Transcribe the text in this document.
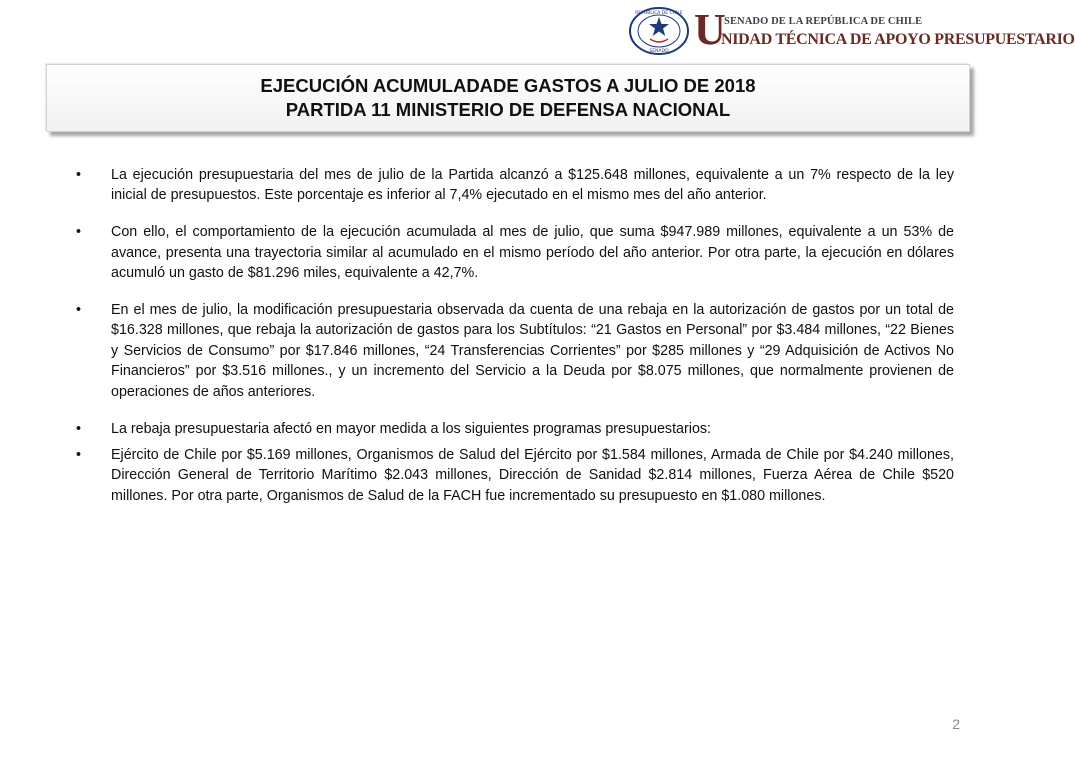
REPÚBLICA DE CHILE
SENADO U
SENADO DE LA REPÚBLICA DE CHILE
NIDAD TÉCNICA DE APOYO PRESUPUESTARIO
EJECUCIÓN ACUMULADADE GASTOS A JULIO DE 2018
PARTIDA 11 MINISTERIO DE DEFENSA NACIONAL
• La ejecución presupuestaria del mes de julio de la Partida alcanzó a $125.648 millones, equivalente a un 7% respecto de la ley inicial de presupuestos. Este porcentaje es inferior al 7,4% ejecutado en el mismo mes del año anterior.
• Con ello, el comportamiento de la ejecución acumulada al mes de julio, que suma $947.989 millones, equivalente a un 53% de avance, presenta una trayectoria similar al acumulado en el mismo período del año anterior. Por otra parte, la ejecución en dólares acumuló un gasto de $81.296 miles, equivalente a 42,7%.
• En el mes de julio, la modificación presupuestaria observada da cuenta de una rebaja en la autorización de gastos por un total de $16.328 millones, que rebaja la autorización de gastos para los Subtítulos: “21 Gastos en Personal” por $3.484 millones, “22 Bienes y Servicios de Consumo” por $17.846 millones, “24 Transferencias Corrientes” por $285 millones y “29 Adquisición de Activos No Financieros” por $3.516 millones., y un incremento del Servicio a la Deuda por $8.075 millones, que normalmente provienen de operaciones de años anteriores.
• La rebaja presupuestaria afectó en mayor medida a los siguientes programas presupuestarios:
• Ejército de Chile por $5.169 millones, Organismos de Salud del Ejército por $1.584 millones, Armada de Chile por $4.240 millones, Dirección General de Territorio Marítimo $2.043 millones, Dirección de Sanidad $2.814 millones, Fuerza Aérea de Chile $520 millones. Por otra parte, Organismos de Salud de la FACH fue incrementado su presupuesto en $1.080 millones.
2
